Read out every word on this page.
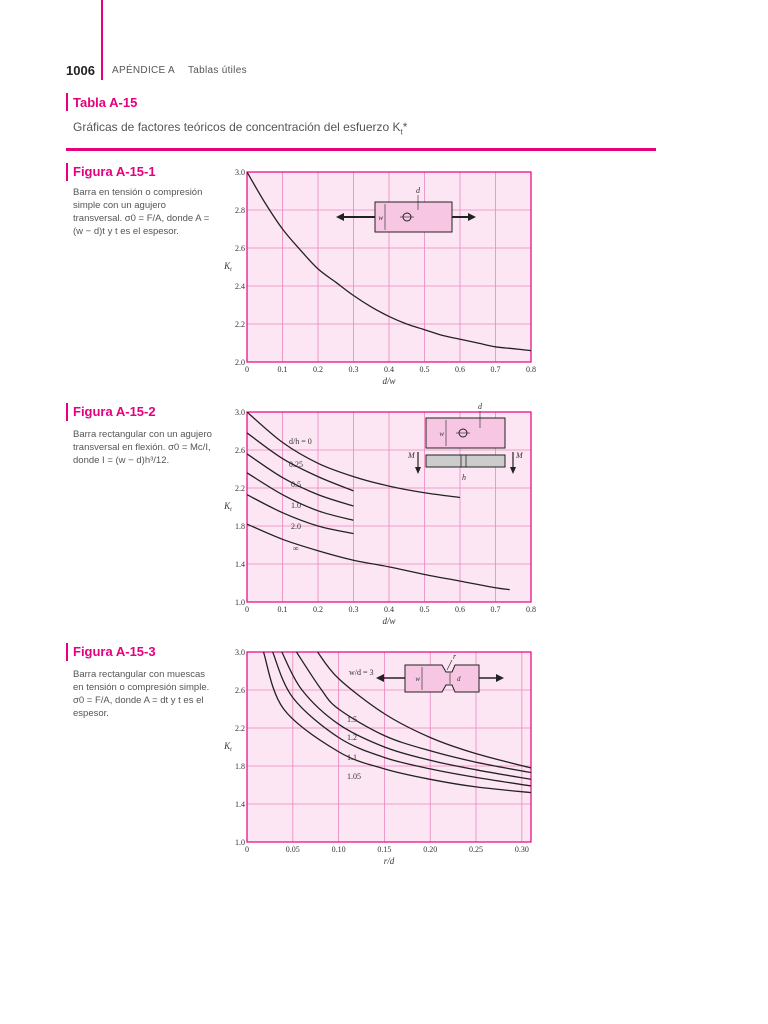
1006 APÉNDICE A Tablas útiles
Tabla A-15
Gráficas de factores teóricos de concentración del esfuerzo $K_t*$
Figura A-15-1
Barra en tensión o compresión simple con un agujero transversal. σ0 = F/A, donde A = (w − d)t y t es el espesor.
Figura A-15-2
Barra rectangular con un agujero transversal en flexión. σ0 = Mc/I, donde I = (w − d)h³/12.
Figura A-15-3
Barra rectangular con muescas en tensión o compresión simple. σ0 = F/A, donde A = dt y t es el espesor.
0	0.1	0.2	0.3	0.4	0.5	0.6	0.7	0.8
2.0
2.2
2.4
2.6
2.8
3.0
d/w
$K_t$
w
d
0	0.1	0.2	0.3	0.4	0.5	0.6	0.7	0.8
1.0
1.4
1.8
2.2
2.6
3.0
d/w
$K_t$
d/h = 0
0.25
0.5
1.0
2.0
∞
w
d
M	M
h
0	0.05	0.10	0.15	0.20	0.25	0.30
1.0
1.4
1.8
2.2
2.6
3.0
r/d
$K_t$
w/d = 3
1.5
1.2
1.1
1.05
w	d
r
